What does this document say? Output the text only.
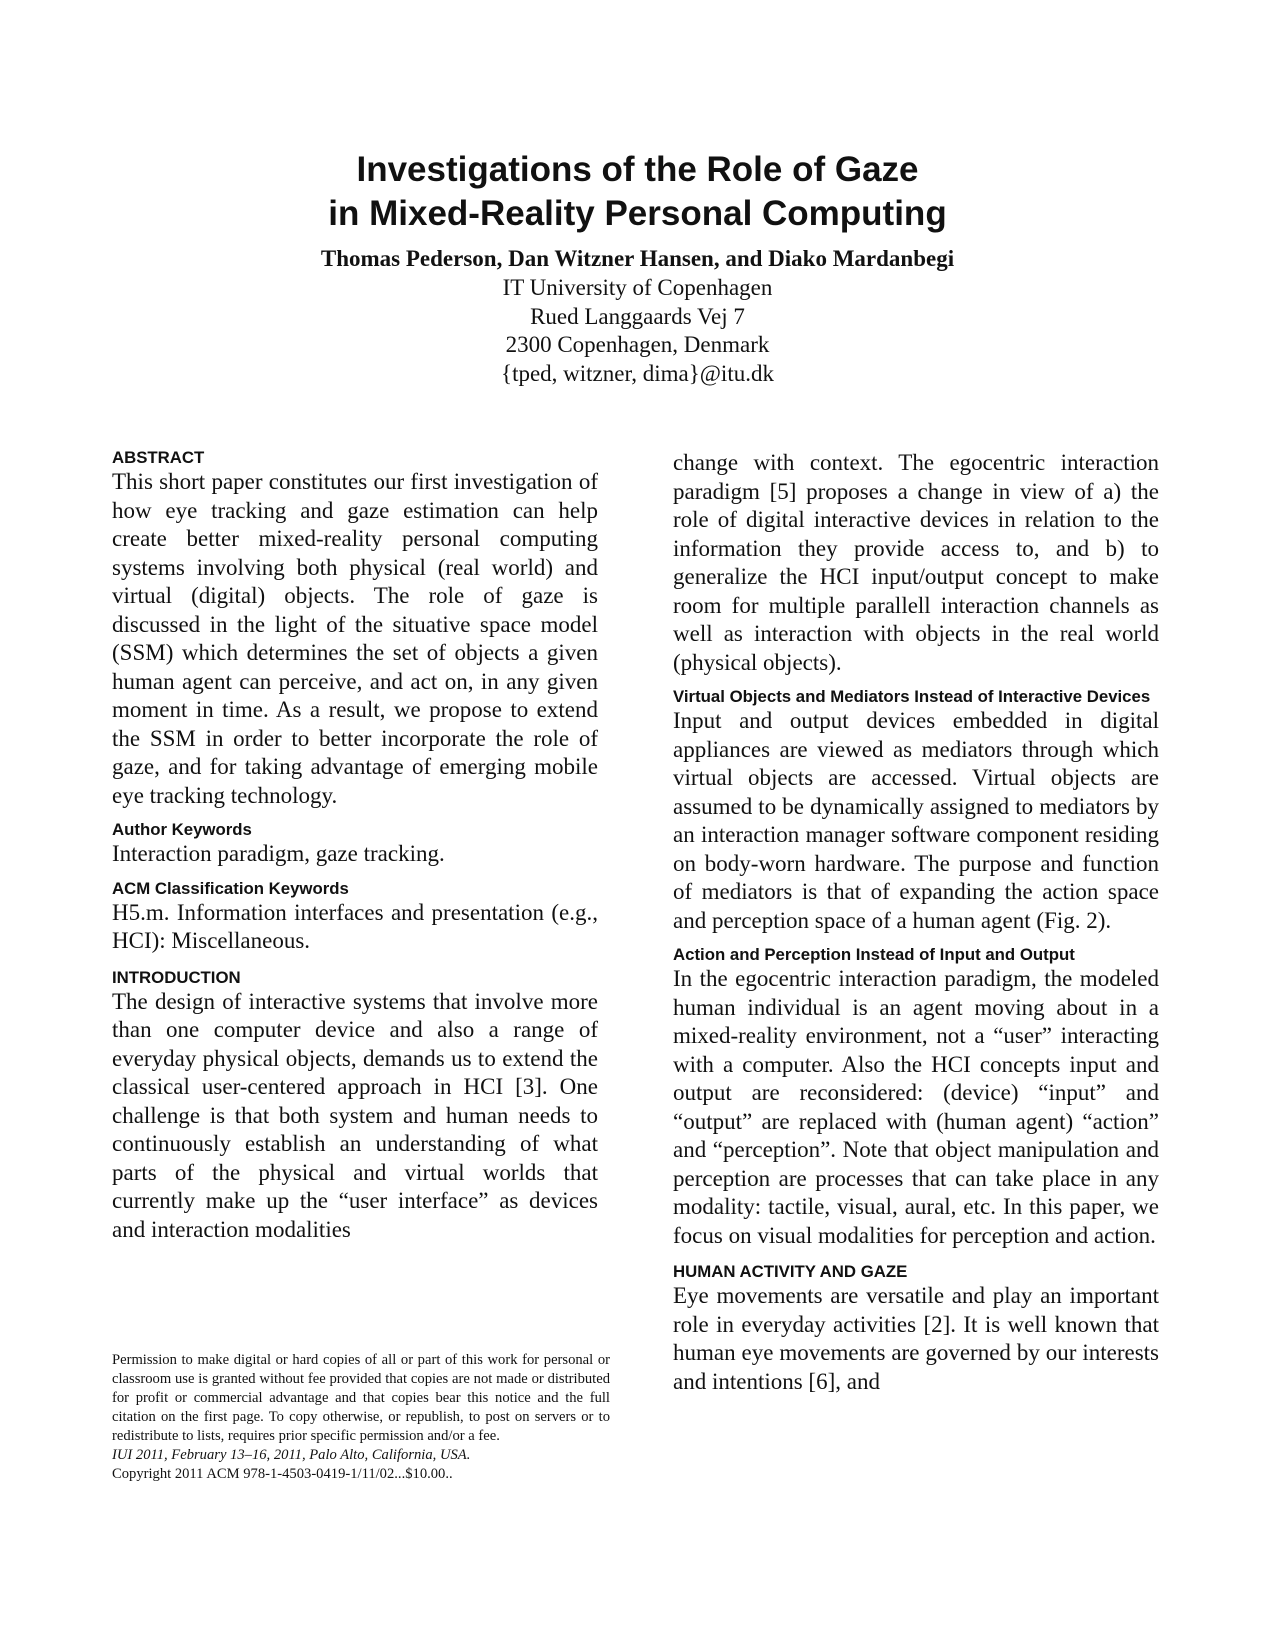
Investigations of the Role of Gaze
in Mixed-Reality Personal Computing
Thomas Pederson, Dan Witzner Hansen, and Diako Mardanbegi
IT University of Copenhagen
Rued Langgaards Vej 7
2300 Copenhagen, Denmark
{tped, witzner, dima}@itu.dk
ABSTRACT

This short paper constitutes our first investigation of how eye tracking and gaze estimation can help create better mixed-reality personal computing systems involving both physical (real world) and virtual (digital) objects. The role of gaze is discussed in the light of the situative space model (SSM) which determines the set of objects a given human agent can perceive, and act on, in any given moment in time. As a result, we propose to extend the SSM in order to better incorporate the role of gaze, and for taking advantage of emerging mobile eye tracking technology.

Author Keywords

Interaction paradigm, gaze tracking.

ACM Classification Keywords

H5.m. Information interfaces and presentation (e.g., HCI): Miscellaneous.

INTRODUCTION

The design of interactive systems that involve more than one computer device and also a range of everyday physical objects, demands us to extend the classical user-centered approach in HCI [3]. One challenge is that both system and human needs to continuously establish an understanding of what parts of the physical and virtual worlds that currently make up the “user interface” as devices and interaction modalities

Permission to make digital or hard copies of all or part of this work for personal or classroom use is granted without fee provided that copies are not made or distributed for profit or commercial advantage and that copies bear this notice and the full citation on the first page. To copy otherwise, or republish, to post on servers or to redistribute to lists, requires prior specific permission and/or a fee.
IUI 2011, February 13–16, 2011, Palo Alto, California, USA.
Copyright 2011 ACM 978-1-4503-0419-1/11/02...$10.00..

change with context. The egocentric interaction paradigm [5] proposes a change in view of a) the role of digital interactive devices in relation to the information they provide access to, and b) to generalize the HCI input/output concept to make room for multiple parallell interaction channels as well as interaction with objects in the real world (physical objects).

Virtual Objects and Mediators Instead of Interactive Devices

Input and output devices embedded in digital appliances are viewed as mediators through which virtual objects are accessed. Virtual objects are assumed to be dynamically assigned to mediators by an interaction manager software component residing on body-worn hardware. The purpose and function of mediators is that of expanding the action space and perception space of a human agent (Fig. 2).

Action and Perception Instead of Input and Output

In the egocentric interaction paradigm, the modeled human individual is an agent moving about in a mixed-reality environment, not a “user” interacting with a computer. Also the HCI concepts input and output are reconsidered: (device) “input” and “output” are replaced with (human agent) “action” and “perception”. Note that object manipulation and perception are processes that can take place in any modality: tactile, visual, aural, etc. In this paper, we focus on visual modalities for perception and action.

HUMAN ACTIVITY AND GAZE

Eye movements are versatile and play an important role in everyday activities [2]. It is well known that human eye movements are governed by our interests and intentions [6], and
